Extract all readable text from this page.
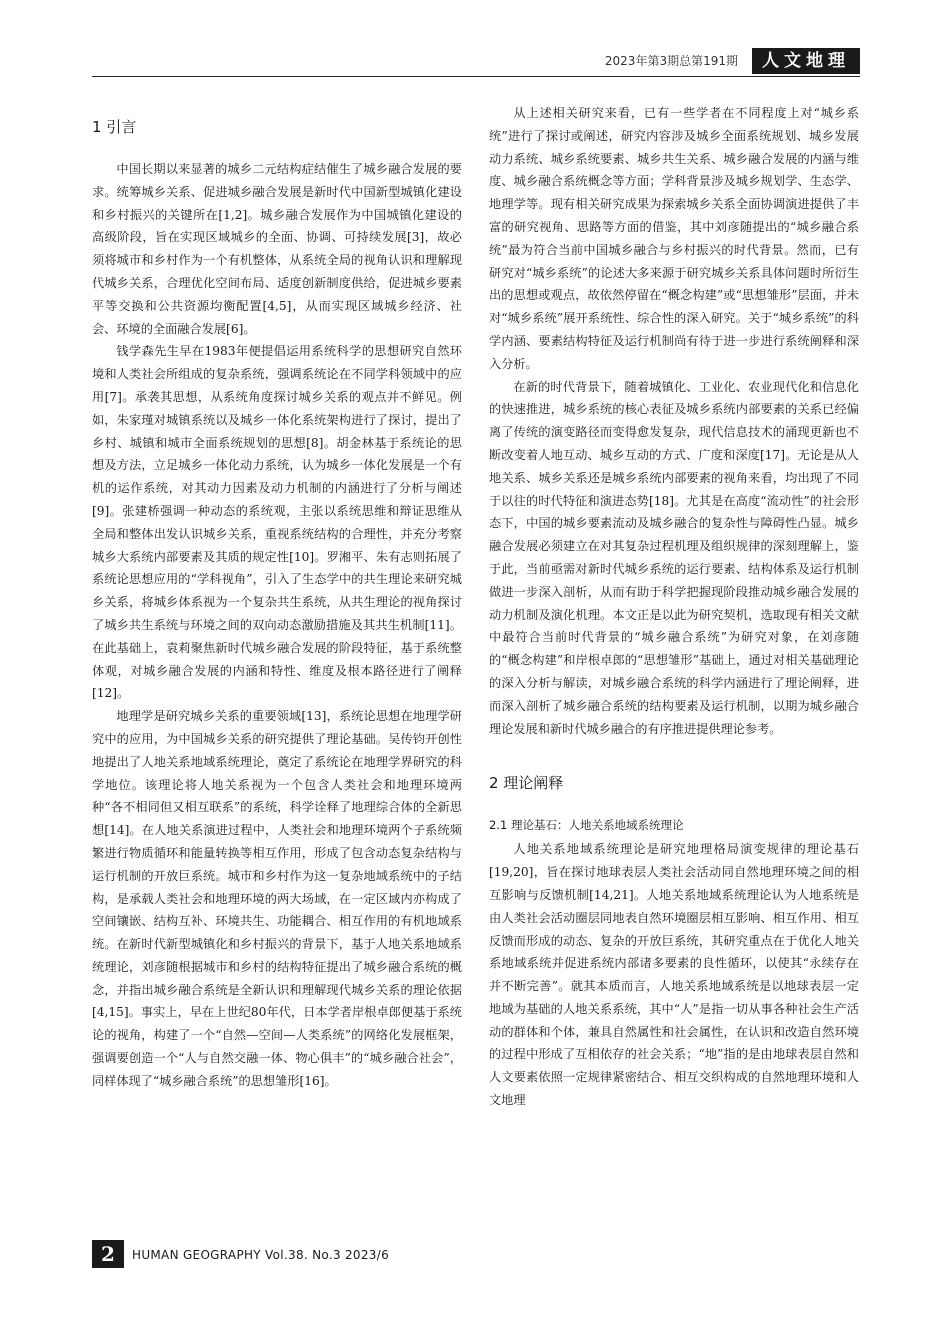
2023年第3期总第191期	人文地理
1 引言

中国长期以来显著的城乡二元结构症结催生了城乡融合发展的要求。统筹城乡关系、促进城乡融合发展是新时代中国新型城镇化建设和乡村振兴的关键所在[1,2]。城乡融合发展作为中国城镇化建设的高级阶段，旨在实现区域城乡的全面、协调、可持续发展[3]，故必须将城市和乡村作为一个有机整体，从系统全局的视角认识和理解现代城乡关系，合理优化空间布局、适度创新制度供给，促进城乡要素平等交换和公共资源均衡配置[4,5]，从而实现区域城乡经济、社会、环境的全面融合发展[6]。

钱学森先生早在1983年便提倡运用系统科学的思想研究自然环境和人类社会所组成的复杂系统，强调系统论在不同学科领域中的应用[7]。承袭其思想，从系统角度探讨城乡关系的观点并不鲜见。例如，朱家瑾对城镇系统以及城乡一体化系统架构进行了探讨，提出了乡村、城镇和城市全面系统规划的思想[8]。胡金林基于系统论的思想及方法，立足城乡一体化动力系统，认为城乡一体化发展是一个有机的运作系统，对其动力因素及动力机制的内涵进行了分析与阐述[9]。张建桥强调一种动态的系统观，主张以系统思维和辩证思维从全局和整体出发认识城乡关系，重视系统结构的合理性，并充分考察城乡大系统内部要素及其质的规定性[10]。罗湘平、朱有志则拓展了系统论思想应用的“学科视角”，引入了生态学中的共生理论来研究城乡关系，将城乡体系视为一个复杂共生系统，从共生理论的视角探讨了城乡共生系统与环境之间的双向动态激励措施及其共生机制[11]。在此基础上，袁莉聚焦新时代城乡融合发展的阶段特征，基于系统整体观，对城乡融合发展的内涵和特性、维度及根本路径进行了阐释[12]。

地理学是研究城乡关系的重要领域[13]，系统论思想在地理学研究中的应用，为中国城乡关系的研究提供了理论基础。吴传钧开创性地提出了人地关系地域系统理论，奠定了系统论在地理学界研究的科学地位。该理论将人地关系视为一个包含人类社会和地理环境两种“各不相同但又相互联系”的系统，科学诠释了地理综合体的全新思想[14]。在人地关系演进过程中，人类社会和地理环境两个子系统频繁进行物质循环和能量转换等相互作用，形成了包含动态复杂结构与运行机制的开放巨系统。城市和乡村作为这一复杂地域系统中的子结构，是承载人类社会和地理环境的两大场域，在一定区域内亦构成了空间镶嵌、结构互补、环境共生、功能耦合、相互作用的有机地域系统。在新时代新型城镇化和乡村振兴的背景下，基于人地关系地域系统理论，刘彦随根据城市和乡村的结构特征提出了城乡融合系统的概念，并指出城乡融合系统是全新认识和理解现代城乡关系的理论依据[4,15]。事实上，早在上世纪80年代，日本学者岸根卓郎便基于系统论的视角，构建了一个“自然—空间—人类系统”的网络化发展框架，强调要创造一个“人与自然交融一体、物心俱丰”的“城乡融合社会”，同样体现了“城乡融合系统”的思想雏形[16]。

从上述相关研究来看，已有一些学者在不同程度上对“城乡系统”进行了探讨或阐述，研究内容涉及城乡全面系统规划、城乡发展动力系统、城乡系统要素、城乡共生关系、城乡融合发展的内涵与维度、城乡融合系统概念等方面；学科背景涉及城乡规划学、生态学、地理学等。现有相关研究成果为探索城乡关系全面协调演进提供了丰富的研究视角、思路等方面的借鉴，其中刘彦随提出的“城乡融合系统”最为符合当前中国城乡融合与乡村振兴的时代背景。然而，已有研究对“城乡系统”的论述大多来源于研究城乡关系具体问题时所衍生出的思想或观点，故依然停留在“概念构建”或“思想雏形”层面，并未对“城乡系统”展开系统性、综合性的深入研究。关于“城乡系统”的科学内涵、要素结构特征及运行机制尚有待于进一步进行系统阐释和深入分析。

在新的时代背景下，随着城镇化、工业化、农业现代化和信息化的快速推进，城乡系统的核心表征及城乡系统内部要素的关系已经偏离了传统的演变路径而变得愈发复杂，现代信息技术的涌现更新也不断改变着人地互动、城乡互动的方式、广度和深度[17]。无论是从人地关系、城乡关系还是城乡系统内部要素的视角来看，均出现了不同于以往的时代特征和演进态势[18]。尤其是在高度“流动性”的社会形态下，中国的城乡要素流动及城乡融合的复杂性与障碍性凸显。城乡融合发展必须建立在对其复杂过程机理及组织规律的深刻理解上，鉴于此，当前亟需对新时代城乡系统的运行要素、结构体系及运行机制做进一步深入剖析，从而有助于科学把握现阶段推动城乡融合发展的动力机制及演化机理。本文正是以此为研究契机，选取现有相关文献中最符合当前时代背景的“城乡融合系统”为研究对象，在刘彦随的“概念构建”和岸根卓郎的“思想雏形”基础上，通过对相关基础理论的深入分析与解读，对城乡融合系统的科学内涵进行了理论阐释，进而深入剖析了城乡融合系统的结构要素及运行机制，以期为城乡融合理论发展和新时代城乡融合的有序推进提供理论参考。

2 理论阐释
2.1 理论基石：人地关系地域系统理论

人地关系地域系统理论是研究地理格局演变规律的理论基石[19,20]，旨在探讨地球表层人类社会活动同自然地理环境之间的相互影响与反馈机制[14,21]。人地关系地域系统理论认为人地系统是由人类社会活动圈层同地表自然环境圈层相互影响、相互作用、相互反馈而形成的动态、复杂的开放巨系统，其研究重点在于优化人地关系地域系统并促进系统内部诸多要素的良性循环，以使其“永续存在并不断完善”。就其本质而言，人地关系地域系统是以地球表层一定地域为基础的人地关系系统，其中“人”是指一切从事各种社会生产活动的群体和个体，兼具自然属性和社会属性，在认识和改造自然环境的过程中形成了互相依存的社会关系；“地”指的是由地球表层自然和人文要素依照一定规律紧密结合、相互交织构成的自然地理环境和人文地理

2	HUMAN GEOGRAPHY Vol.38. No.3 2023/6
